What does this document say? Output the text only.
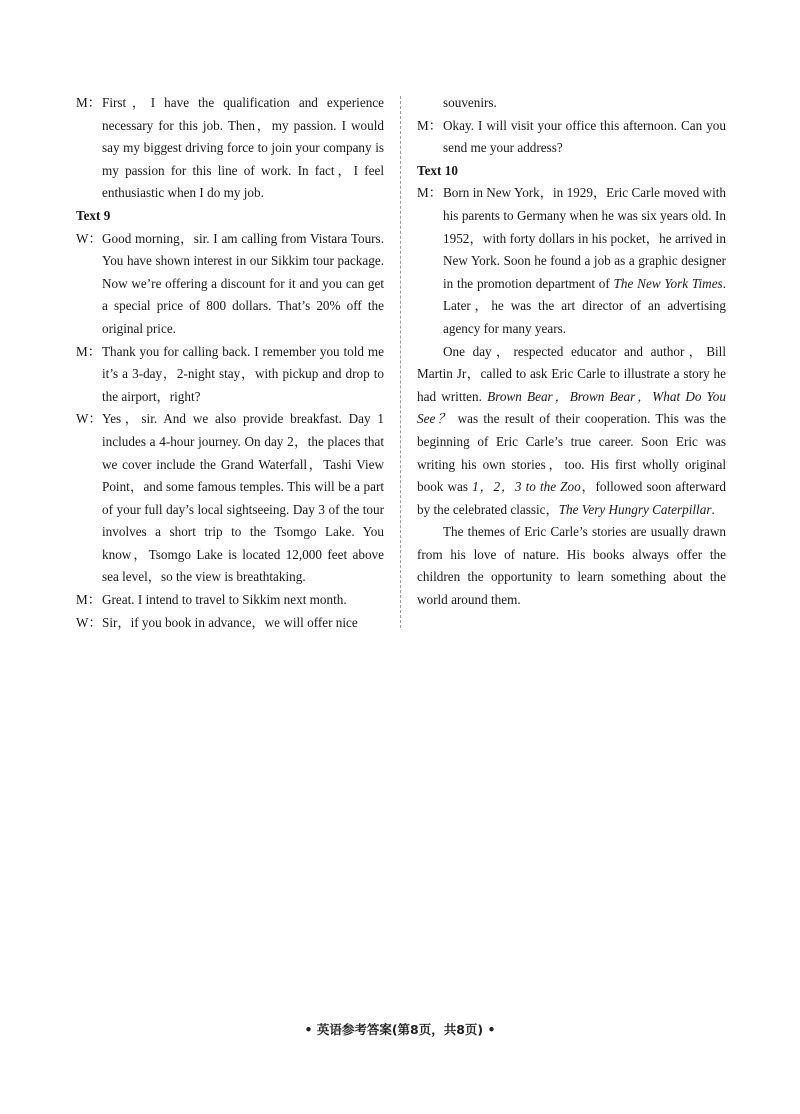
M： First，I have the qualification and experience necessary for this job. Then，my passion. I would say my biggest driving force to join your company is my passion for this line of work. In fact，I feel enthusiastic when I do my job.
Text 9
W： Good morning，sir. I am calling from Vistara Tours. You have shown interest in our Sikkim tour package. Now we’re offering a discount for it and you can get a special price of 800 dollars. That’s 20% off the original price.
M： Thank you for calling back. I remember you told me it’s a 3-day，2-night stay，with pickup and drop to the airport，right?
W： Yes，sir. And we also provide breakfast. Day 1 includes a 4-hour journey. On day 2，the places that we cover include the Grand Waterfall，Tashi View Point，and some famous temples. This will be a part of your full day’s local sightseeing. Day 3 of the tour involves a short trip to the Tsomgo Lake. You know，Tsomgo Lake is located 12,000 feet above sea level，so the view is breathtaking.
M： Great. I intend to travel to Sikkim next month.
W： Sir，if you book in advance，we will offer nice
souvenirs.
M： Okay. I will visit your office this afternoon. Can you send me your address?
Text 10
M： Born in New York，in 1929，Eric Carle moved with his parents to Germany when he was six years old. In 1952，with forty dollars in his pocket，he arrived in New York. Soon he found a job as a graphic designer in the promotion department of The New York Times. Later，he was the art director of an advertising agency for many years.
One day，respected educator and author，Bill Martin Jr，called to ask Eric Carle to illustrate a story he had written. Brown Bear，Brown Bear，What Do You See？ was the result of their cooperation. This was the beginning of Eric Carle’s true career. Soon Eric was writing his own stories，too. His first wholly original book was 1，2，3 to the Zoo，followed soon afterward by the celebrated classic，The Very Hungry Caterpillar.
The themes of Eric Carle’s stories are usually drawn from his love of nature. His books always offer the children the opportunity to learn something about the world around them.
• 英语参考答案(第8页，共8页) •
